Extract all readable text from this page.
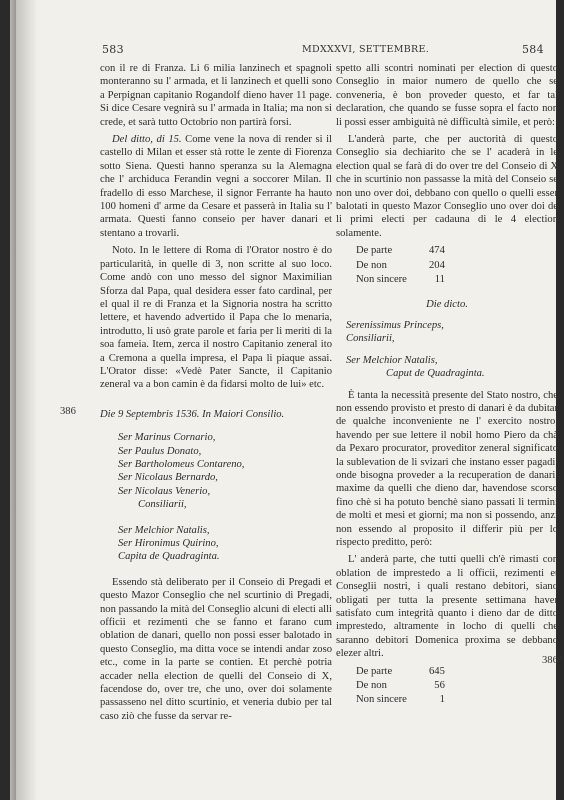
583	MDXXXVI, SETTEMBRE.	584
386
386*

con il re di Franza. Li 6 milia lanzinech et spagnoli monteranno su l' armada, et li lanzinech et quelli sono a Perpignan capitanio Rogandolf dieno haver 11 page. Si dice Cesare vegnirà su l' armada in Italia; ma non si crede, et sarà tutto Octobrio non partirà forsi.

Del ditto, di 15. Come vene la nova di render si il castello di Milan et esser stà rotte le zente di Fiorenza sotto Siena. Questi hanno speranza su la Alemagna che l' archiduca Ferandin vegni a soccorer Milan. Il fradello di esso Marchese, il signor Ferrante ha hauto 100 homeni d' arme da Cesare et passerà in Italia su l' armata. Questi fanno conseio per haver danari et stentano a trovarli.

Noto. In le lettere di Roma di l'Orator nostro è do particularità, in quelle di 3, non scritte al suo loco. Come andò con uno messo del signor Maximilian Sforza dal Papa, qual desidera esser fato cardinal, per el qual il re di Franza et la Signoria nostra ha scritto lettere, et havendo advertido il Papa che lo menaria, introdutto, li usò grate parole et faria per li meriti di la soa fameia. Item, zerca il nostro Capitanio zeneral ito a Cremona a quella impresa, el Papa li piaque assai. L'Orator disse: «Vedè Pater Sancte, il Capitanio zeneral va a bon camin è da fidarsi molto de lui» etc.

Die 9 Septembris 1536. In Maiori Consilio.

Ser Marinus Cornario,
Ser Paulus Donato,
Ser Bartholomeus Contareno,
Ser Nicolaus Bernardo,
Ser Nicolaus Venerio,
Consiliarii,
Ser Melchior Natalis,
Ser Hironimus Quirino,
Capita de Quadraginta.

Essendo stà deliberato per il Conseio di Pregadi et questo Mazor Conseglio che nel scurtinio di Pregadi, non passando la mità del Conseglio alcuni di electi alli officii et rezimenti che se fanno et farano cum oblation de danari, quello non possi esser balotado in questo Conseglio, ma ditta voce se intendi andar zoso etc., come in la parte se contien. Et perchè potria accader nella election de quelli del Conseio di X, facendose do, over tre, che uno, over doi solamente passasseno nel ditto scurtinio, et veneria dubio per tal caso ziò che fusse da servar re-

spetto alli scontri nominati per election di questo Conseglio in maior numero de quello che se conveneria, è bon proveder questo, et far tal declaration, che quando se fusse sopra el facto non li possi esser ambiguità nè difficultà simile, et però:

L'anderà parte, che per auctorità di questo Conseglio sia dechiarito che se l' acaderà in le election qual se farà di do over tre del Conseio di X che in scurtinio non passasse la mità del Conseio se non uno over doi, debbano con quello o quelli esser balotati in questo Mazor Conseglio uno over doi de li primi electi per cadauna di le 4 election solamente.

De parte	474
De non	204
Non sincere	11

Die dicto.

Serenissimus Princeps,
Consiliarii,
Ser Melchior Natalis,
Caput de Quadraginta.

È tanta la necessità presente del Stato nostro, che non essendo provisto et presto di danari è da dubitar de qualche inconveniente ne l' exercito nostro, havendo per sue lettere il nobil homo Piero da chà da Pexaro procurator, proveditor zeneral significato la sublevation de li svizari che instano esser pagadi, onde bisogna proveder a la recuperation de danari, maxime da quelli che dieno dar, havendose scorso fino chè si ha potuto benchè siano passati li termini de molti et mesi et giorni; ma non si possendo, anzi non essendo al proposito il differir più per lo rispecto preditto, però:

L' anderà parte, che tutti quelli ch'è rimasti con oblation de imprestedo a li officii, rezimenti et Conseglii nostri, i quali restano debitori, siano obligati per tutta la presente settimana haver satisfato cum integrità quanto i dieno dar de ditto imprestedo, altramente in locho di quelli che saranno debitori Domenica proxima se debbano elezer altri.

De parte	645
De non	56
Non sincere	1
